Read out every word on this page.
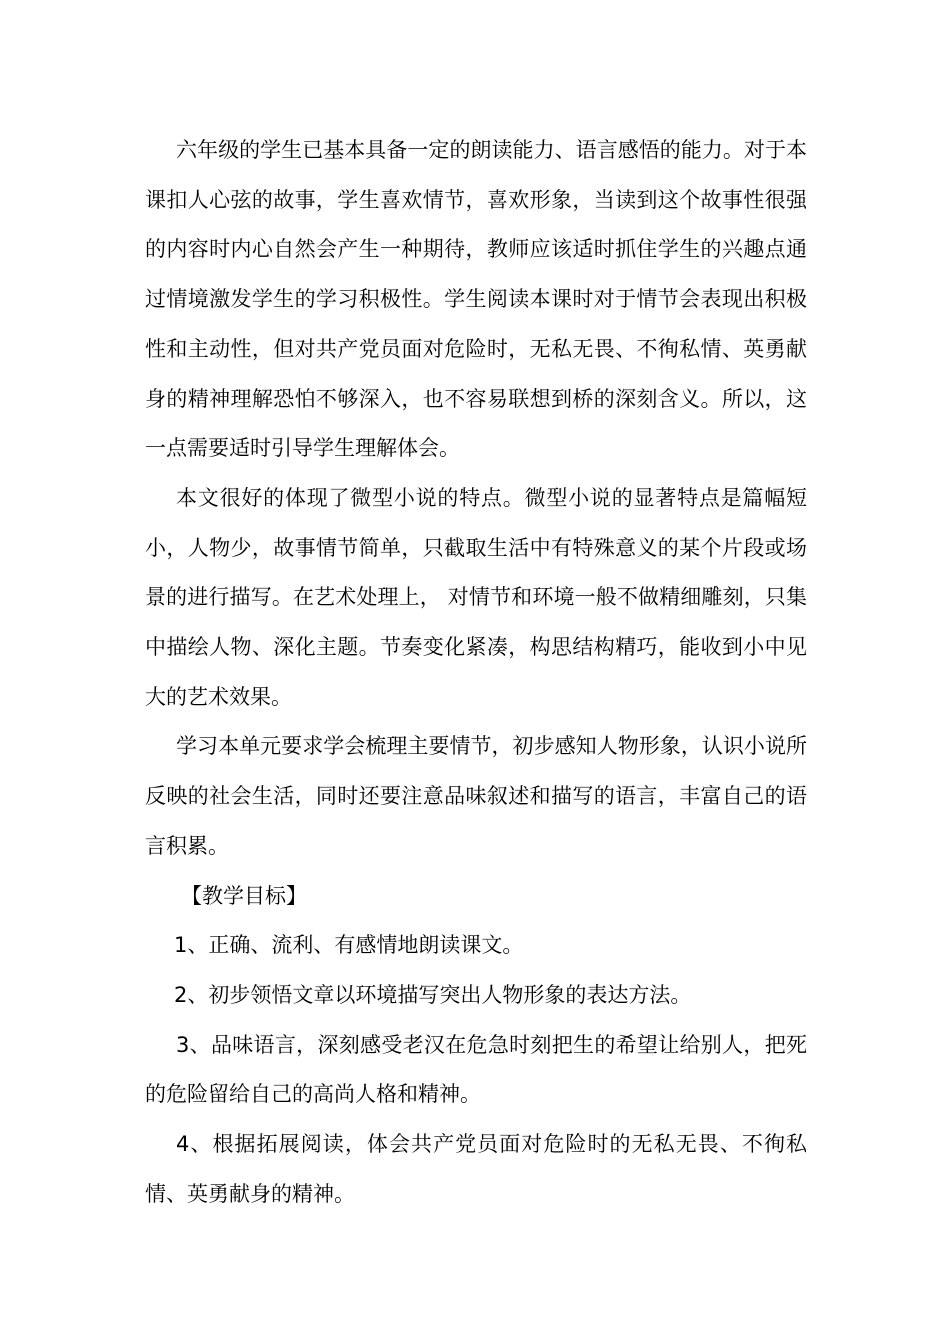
六年级的学生已基本具备一定的朗读能力、语言感悟的能力。对于本课扣人心弦的故事，学生喜欢情节，喜欢形象，当读到这个故事性很强的内容时内心自然会产生一种期待，教师应该适时抓住学生的兴趣点通过情境激发学生的学习积极性。学生阅读本课时对于情节会表现出积极性和主动性，但对共产党员面对危险时，无私无畏、不徇私情、英勇献身的精神理解恐怕不够深入，也不容易联想到桥的深刻含义。所以，这一点需要适时引导学生理解体会。

本文很好的体现了微型小说的特点。微型小说的显著特点是篇幅短小，人物少，故事情节简单，只截取生活中有特殊意义的某个片段或场景的进行描写。在艺术处理上， 对情节和环境一般不做精细雕刻，只集中描绘人物、深化主题。节奏变化紧凑，构思结构精巧，能收到小中见大的艺术效果。

学习本单元要求学会梳理主要情节，初步感知人物形象，认识小说所反映的社会生活，同时还要注意品味叙述和描写的语言，丰富自己的语言积累。

【教学目标】

1、正确、流利、有感情地朗读课文。

2、初步领悟文章以环境描写突出人物形象的表达方法。

3、品味语言，深刻感受老汉在危急时刻把生的希望让给别人，把死的危险留给自己的高尚人格和精神。

4、根据拓展阅读，体会共产党员面对危险时的无私无畏、不徇私情、英勇献身的精神。
